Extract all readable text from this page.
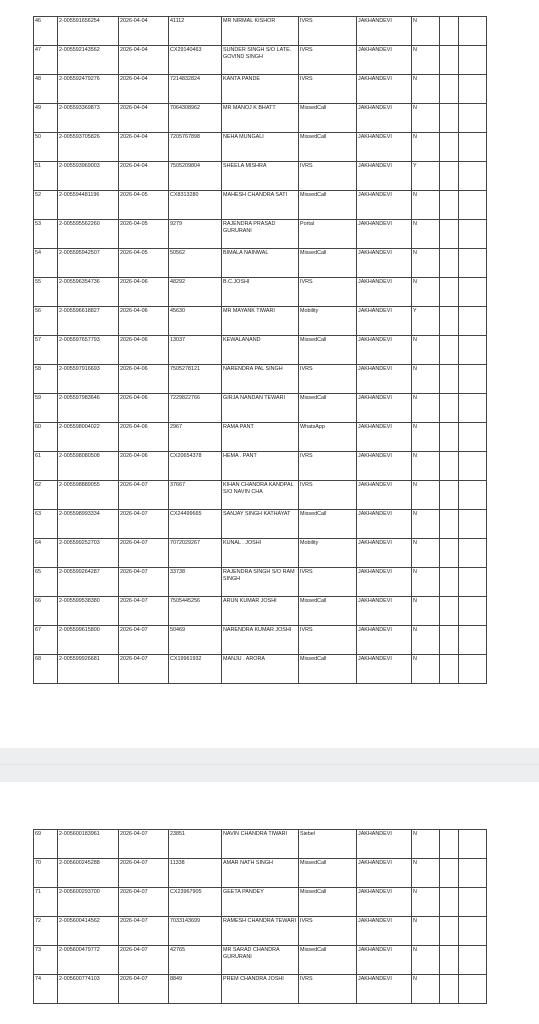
46	2-005591656254	2026-04-04	41112	MR NIRMAL KISHOR	IVRS	JAKHANDEVI	N		
47	2-005592143562	2026-04-04	CX29140463	SUNDER SINGH S/O LATE. GOVIND SINGH	IVRS	JAKHANDEVI	N		
48	2-005592479276	2026-04-04	7214832824	KANTA PANDE	IVRS	JAKHANDEVI	N		
49	2-005593369873	2026-04-04	7064308962	MR MANOJ K BHATT	MissedCall	JAKHANDEVI	N		
50	2-005593705826	2026-04-04	7205767898	NEHA MUNGALI	MissedCall	JAKHANDEVI	N		
51	2-005593969003	2026-04-04	7505209804	SHEELA MISHRA	IVRS	JAKHANDEVI	Y		
52	2-005594481196	2026-04-05	CX8313280	MAHESH CHANDRA SATI	MissedCall	JAKHANDEVI	N		
53	2-005595562260	2026-04-05	9279	RAJENDRA PRASAD GURURANI	Portal	JAKHANDEVI	N		
54	2-005595942507	2026-04-05	50562	BIMALA NAINWAL	MissedCall	JAKHANDEVI	N		
55	2-005596354736	2026-04-06	48292	B.C.JOSHI	IVRS	JAKHANDEVI	N		
56	2-005596618827	2026-04-06	45630	MR MAYANK TIWARI	Mobility	JAKHANDEVI	Y		
57	2-005597657793	2026-04-06	13037	KEWALANAND	MissedCall	JAKHANDEVI	N		
58	2-005597916693	2026-04-06	7505278121	NARENDRA PAL SINGH	IVRS	JAKHANDEVI	N		
59	2-005597983646	2026-04-06	7229822766	GIRJA NANDAN TEWARI	MissedCall	JAKHANDEVI	N		
60	2-005598004022	2026-04-06	2967	RAMA PANT	WhatsApp	JAKHANDEVI	N		
61	2-005598080508	2026-04-06	CX20654378	HEMA . PANT	IVRS	JAKHANDEVI	N		
62	2-005598889055	2026-04-07	37667	KIHAN CHANDRA KANDPAL S/O NAVIN CHA	IVRS	JAKHANDEVI	N		
63	2-005598993334	2026-04-07	CX24499665	SANJAY SINGH KATHAYAT	MissedCall	JAKHANDEVI	N		
64	2-005599252703	2026-04-07	7072029267	KUNAL . JOSHI	Mobility	JAKHANDEVI	N		
65	2-005599264287	2026-04-07	33738	RAJENDRA SINGH S/O RAM SINGH	IVRS	JAKHANDEVI	N		
66	2-005599538380	2026-04-07	7505445256	ARUN KUMAR JOSHI	MissedCall	JAKHANDEVI	N		
67	2-005599615800	2026-04-07	50469	NARENDRA KUMAR JOSHI	IVRS	JAKHANDEVI	N		
68	2-005599926681	2026-04-07	CX19961932	MANJU . ARORA	MissedCall	JAKHANDEVI	N		
69	2-005600183961	2026-04-07	23851	NAVIN CHANDRA TIWARI	Siebel	JAKHANDEVI	N		
70	2-005600245288	2026-04-07	11338	AMAR NATH SINGH	MissedCall	JAKHANDEVI	N		
71	2-005600293700	2026-04-07	CX23967905	GEETA PANDEY	MissedCall	JAKHANDEVI	N		
72	2-005600414562	2026-04-07	7033143699	RAMESH CHANDRA TEWARI	IVRS	JAKHANDEVI	N		
73	2-005600479772	2026-04-07	42765	MR SARAD CHANDRA GURURANI	MissedCall	JAKHANDEVI	N		
74	2-005600774103	2026-04-07	8849	PREM CHANDRA JOSHI	IVRS	JAKHANDEVI	N		
